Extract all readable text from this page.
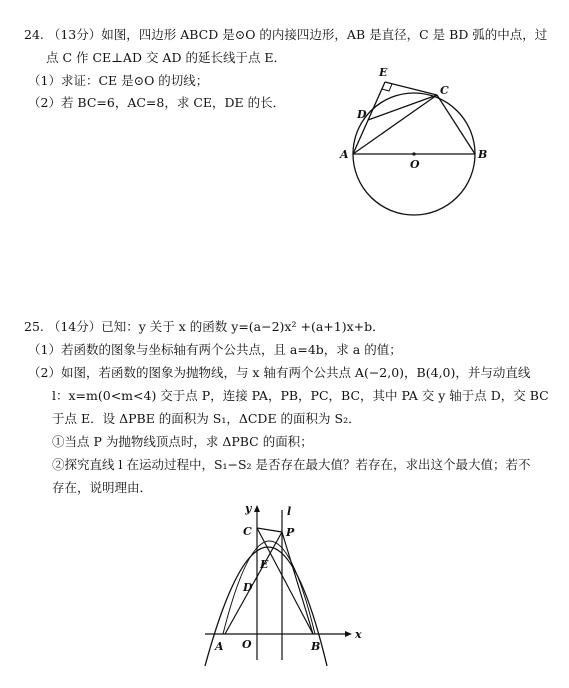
24. （13分）如图，四边形 ABCD 是⊙O 的内接四边形，AB 是直径，C 是 BD 弧的中点，过
点 C 作 CE⊥AD 交 AD 的延长线于点 E．
（1）求证：CE 是⊙O 的切线；
（2）若 BC=6，AC=8，求 CE，DE 的长．
E
C
D
A	B
O
25. （14分）已知：y 关于 x 的函数 y=(a−2)x² +(a+1)x+b．
（1）若函数的图象与坐标轴有两个公共点，且 a=4b，求 a 的值；
（2）如图，若函数的图象为抛物线，与 x 轴有两个公共点 A(−2,0)，B(4,0)，并与动直线
l：x=m(0<m<4) 交于点 P，连接 PA，PB，PC，BC，其中 PA 交 y 轴于点 D，交 BC
于点 E．设 ΔPBE 的面积为 S₁，ΔCDE 的面积为 S₂．
①当点 P 为抛物线顶点时，求 ΔPBC 的面积；
②探究直线 l 在运动过程中，S₁−S₂ 是否存在最大值？若存在，求出这个最大值；若不
存在，说明理由．
y	l
C	P
E
D
A O	B
x
